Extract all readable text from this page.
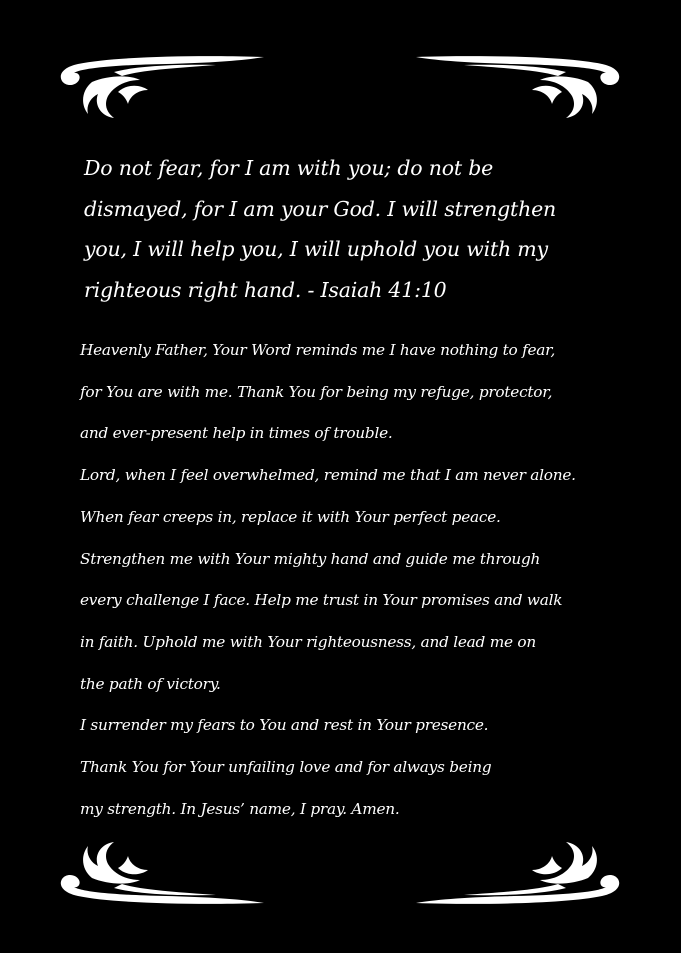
Do not fear, for I am with you; do not be
dismayed, for I am your God. I will strengthen
you, I will help you, I will uphold you with my
righteous right hand. - Isaiah 41:10
Heavenly Father, Your Word reminds me I have nothing to fear,
for You are with me. Thank You for being my refuge, protector,
and ever-present help in times of trouble.
Lord, when I feel overwhelmed, remind me that I am never alone.
When fear creeps in, replace it with Your perfect peace.
Strengthen me with Your mighty hand and guide me through
every challenge I face. Help me trust in Your promises and walk
in faith. Uphold me with Your righteousness, and lead me on
the path of victory.
I surrender my fears to You and rest in Your presence.
Thank You for Your unfailing love and for always being
my strength. In Jesus’ name, I pray. Amen.
